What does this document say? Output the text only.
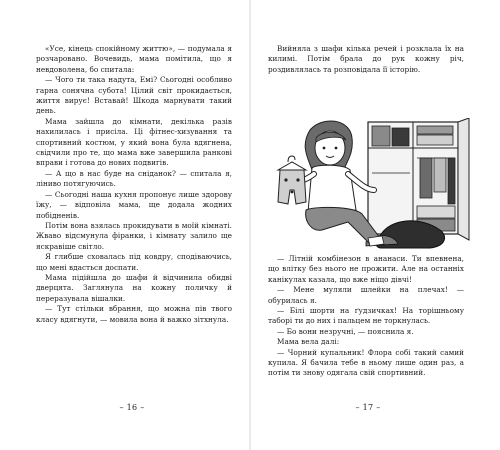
«Усе, кінець спокійному життю», — подумала я розчаровано. Вочевидь, мама помітила, що я невдоволена, бо спитала:

— Чого ти така надута, Емі? Сьогодні особливо гарна сонячна субота! Цілий світ прокидається, життя вирує! Вставай! Шкода марнувати такий день.

Мама зайшла до кімнати, декілька разів нахилилась і присіла. Ці фітнес-хизування та спортивний костюм, у який вона була вдягнена, свідчили про те, що мама вже завершила ранкові вправи і готова до нових подвигів.

— А що в нас буде на сніданок? — спитала я, ліниво потягуючись.

— Сьогодні наша кухня пропонує лише здорову їжу, — відповіла мама, ще додала жодних побідненів.

Потім вона взялась прокидувати в моїй кімнаті. Жваво відсмунула фіранки, і кімнату залило ще яскравіше світло.

Я глибше сховалась під ковдру, сподіваючись, що мені вдасться доспати.

Мама підійшла до шафи й відчинила обидві дверцята. Заглянула на кожну поличку й переразувала вішалки.

— Тут стільки вбрання, що можна пів твого класу вдягнути, — мовила вона й важко зітхнула.

– 16 –

Вийняла з шафи кілька речей і розклала їх на килимі. Потім брала до рук кожну річ, роздивлялась та розповідала її історію.

— Літній комбінезон в ананаси. Ти впевнена, що влітку без нього не прожити. Але на останніх канікулах казала, що вже ніщо дівчі!

— Мене муляли шлейки на плечах! — обурилась я.

— Білі шорти на ґудзичках! На торішньому таборі ти до них і пальцем не торкнулась.

— Бо вони незручні, — пояснила я.

Мама вела далі:

— Чорний купальник! Флора собі такий самий купила. Я бачила тебе в ньому лише один раз, а потім ти знову одягала свій спортивний.

– 17 –
